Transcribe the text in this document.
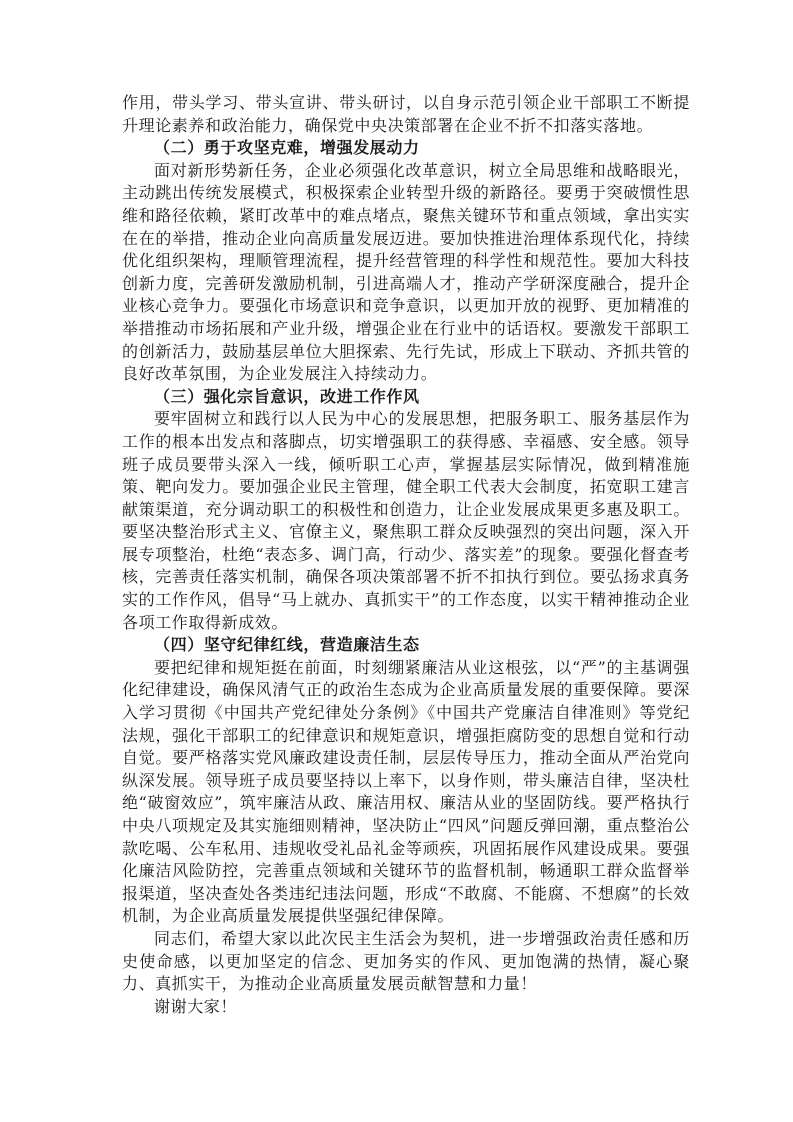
作用，带头学习、带头宣讲、带头研讨，以自身示范引领企业干部职工不断提升理论素养和政治能力，确保党中央决策部署在企业不折不扣落实落地。

（二）勇于攻坚克难，增强发展动力

面对新形势新任务，企业必须强化改革意识，树立全局思维和战略眼光，主动跳出传统发展模式，积极探索企业转型升级的新路径。要勇于突破惯性思维和路径依赖，紧盯改革中的难点堵点，聚焦关键环节和重点领域，拿出实实在在的举措，推动企业向高质量发展迈进。要加快推进治理体系现代化，持续优化组织架构，理顺管理流程，提升经营管理的科学性和规范性。要加大科技创新力度，完善研发激励机制，引进高端人才，推动产学研深度融合，提升企业核心竞争力。要强化市场意识和竞争意识，以更加开放的视野、更加精准的举措推动市场拓展和产业升级，增强企业在行业中的话语权。要激发干部职工的创新活力，鼓励基层单位大胆探索、先行先试，形成上下联动、齐抓共管的良好改革氛围，为企业发展注入持续动力。

（三）强化宗旨意识，改进工作作风

要牢固树立和践行以人民为中心的发展思想，把服务职工、服务基层作为工作的根本出发点和落脚点，切实增强职工的获得感、幸福感、安全感。领导班子成员要带头深入一线，倾听职工心声，掌握基层实际情况，做到精准施策、靶向发力。要加强企业民主管理，健全职工代表大会制度，拓宽职工建言献策渠道，充分调动职工的积极性和创造力，让企业发展成果更多惠及职工。要坚决整治形式主义、官僚主义，聚焦职工群众反映强烈的突出问题，深入开展专项整治，杜绝“表态多、调门高，行动少、落实差”的现象。要强化督查考核，完善责任落实机制，确保各项决策部署不折不扣执行到位。要弘扬求真务实的工作作风，倡导“马上就办、真抓实干”的工作态度，以实干精神推动企业各项工作取得新成效。

（四）坚守纪律红线，营造廉洁生态

要把纪律和规矩挺在前面，时刻绷紧廉洁从业这根弦，以“严”的主基调强化纪律建设，确保风清气正的政治生态成为企业高质量发展的重要保障。要深入学习贯彻《中国共产党纪律处分条例》《中国共产党廉洁自律准则》等党纪法规，强化干部职工的纪律意识和规矩意识，增强拒腐防变的思想自觉和行动自觉。要严格落实党风廉政建设责任制，层层传导压力，推动全面从严治党向纵深发展。领导班子成员要坚持以上率下，以身作则，带头廉洁自律，坚决杜绝“破窗效应”，筑牢廉洁从政、廉洁用权、廉洁从业的坚固防线。要严格执行中央八项规定及其实施细则精神，坚决防止“四风”问题反弹回潮，重点整治公款吃喝、公车私用、违规收受礼品礼金等顽疾，巩固拓展作风建设成果。要强化廉洁风险防控，完善重点领域和关键环节的监督机制，畅通职工群众监督举报渠道，坚决查处各类违纪违法问题，形成“不敢腐、不能腐、不想腐”的长效机制，为企业高质量发展提供坚强纪律保障。

同志们，希望大家以此次民主生活会为契机，进一步增强政治责任感和历史使命感，以更加坚定的信念、更加务实的作风、更加饱满的热情，凝心聚力、真抓实干，为推动企业高质量发展贡献智慧和力量！

谢谢大家！
